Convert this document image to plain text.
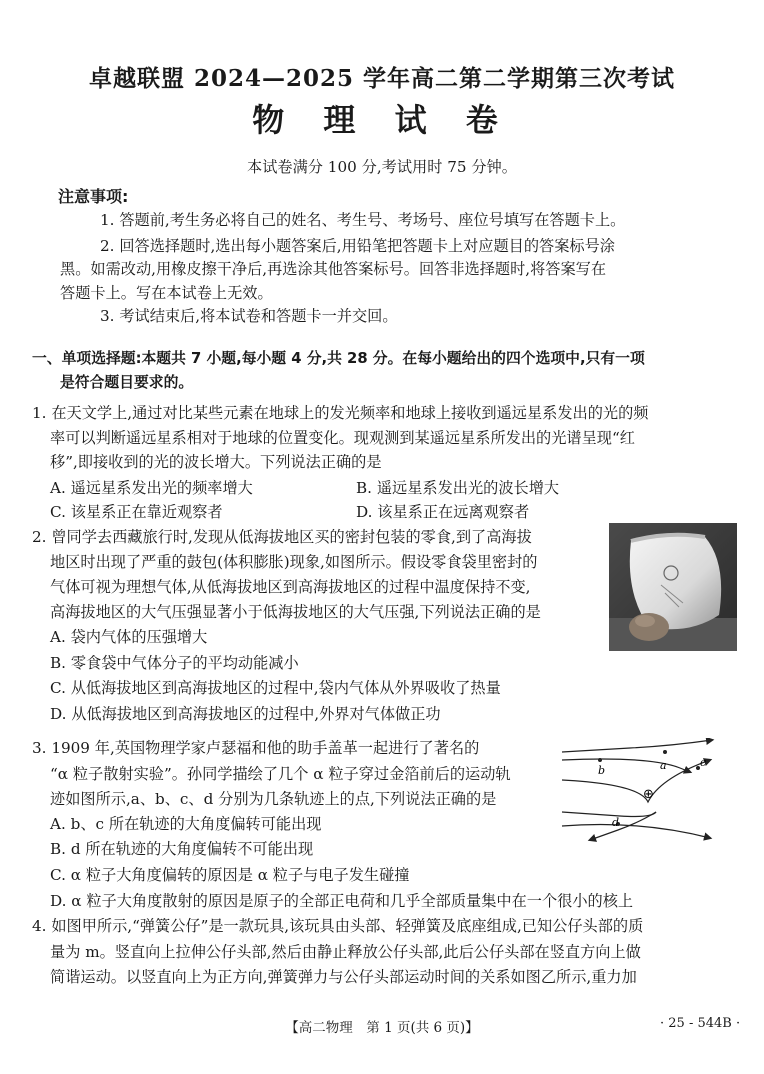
卓越联盟 2024—2025 学年高二第二学期第三次考试
物 理 试 卷
本试卷满分 100 分,考试用时 75 分钟。
注意事项:
1. 答题前,考生务必将自己的姓名、考生号、考场号、座位号填写在答题卡上。
2. 回答选择题时,选出每小题答案后,用铅笔把答题卡上对应题目的答案标号涂
黑。如需改动,用橡皮擦干净后,再选涂其他答案标号。回答非选择题时,将答案写在
答题卡上。写在本试卷上无效。
3. 考试结束后,将本试卷和答题卡一并交回。
一、单项选择题:本题共 7 小题,每小题 4 分,共 28 分。在每小题给出的四个选项中,只有一项
是符合题目要求的。
1. 在天文学上,通过对比某些元素在地球上的发光频率和地球上接收到遥远星系发出的光的频
率可以判断遥远星系相对于地球的位置变化。现观测到某遥远星系所发出的光谱呈现“红
移”,即接收到的光的波长增大。下列说法正确的是
A. 遥远星系发出光的频率增大	B. 遥远星系发出光的波长增大
C. 该星系正在靠近观察者	D. 该星系正在远离观察者
2. 曾同学去西藏旅行时,发现从低海拔地区买的密封包装的零食,到了高海拔
地区时出现了严重的鼓包(体积膨胀)现象,如图所示。假设零食袋里密封的
气体可视为理想气体,从低海拔地区到高海拔地区的过程中温度保持不变,
高海拔地区的大气压强显著小于低海拔地区的大气压强,下列说法正确的是
A. 袋内气体的压强增大
B. 零食袋中气体分子的平均动能减小
C. 从低海拔地区到高海拔地区的过程中,袋内气体从外界吸收了热量
D. 从低海拔地区到高海拔地区的过程中,外界对气体做正功
3. 1909 年,英国物理学家卢瑟福和他的助手盖革一起进行了著名的
“α 粒子散射实验”。孙同学描绘了几个 α 粒子穿过金箔前后的运动轨
迹如图所示,a、b、c、d 分别为几条轨迹上的点,下列说法正确的是
A. b、c 所在轨迹的大角度偏转可能出现
B. d 所在轨迹的大角度偏转不可能出现
C. α 粒子大角度偏转的原因是 α 粒子与电子发生碰撞
D. α 粒子大角度散射的原因是原子的全部正电荷和几乎全部质量集中在一个很小的核上
a
b
c
d
⊕
4. 如图甲所示,“弹簧公仔”是一款玩具,该玩具由头部、轻弹簧及底座组成,已知公仔头部的质
量为 m。竖直向上拉伸公仔头部,然后由静止释放公仔头部,此后公仔头部在竖直方向上做
简谐运动。以竖直向上为正方向,弹簧弹力与公仔头部运动时间的关系如图乙所示,重力加
【高二物理　第 1 页(共 6 页)】	· 25 - 544B ·
